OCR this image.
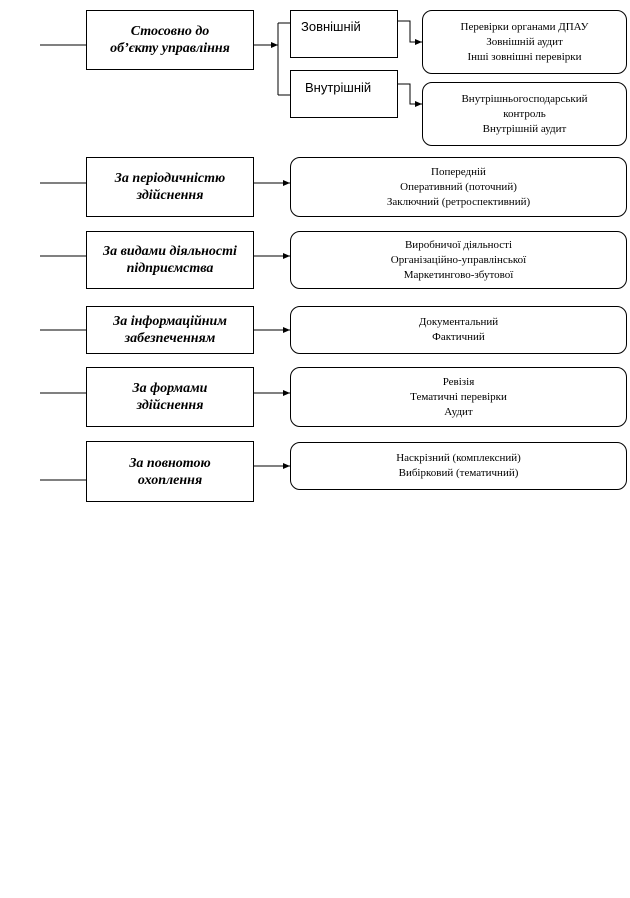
Стосовно до
об’єкту управління
За періодичністю
здійснення
За видами діяльності
підприємства
За інформаційним
забезпеченням
За формами
здійснення
За повнотою
охоплення
Зовнішній
Внутрішній
Перевірки органами ДПАУ
Зовнішній аудит
Інші зовнішні перевірки
Внутрішньогосподарський
контроль
Внутрішній аудит
Попередній
Оперативний (поточний)
Заключний (ретроспективний)
Виробничої діяльності
Організаційно-управлінської
Маркетингово-збутової
Документальний
Фактичний
Ревізія
Тематичні перевірки
Аудит
Наскрізний (комплексний)
Вибірковий (тематичний)
